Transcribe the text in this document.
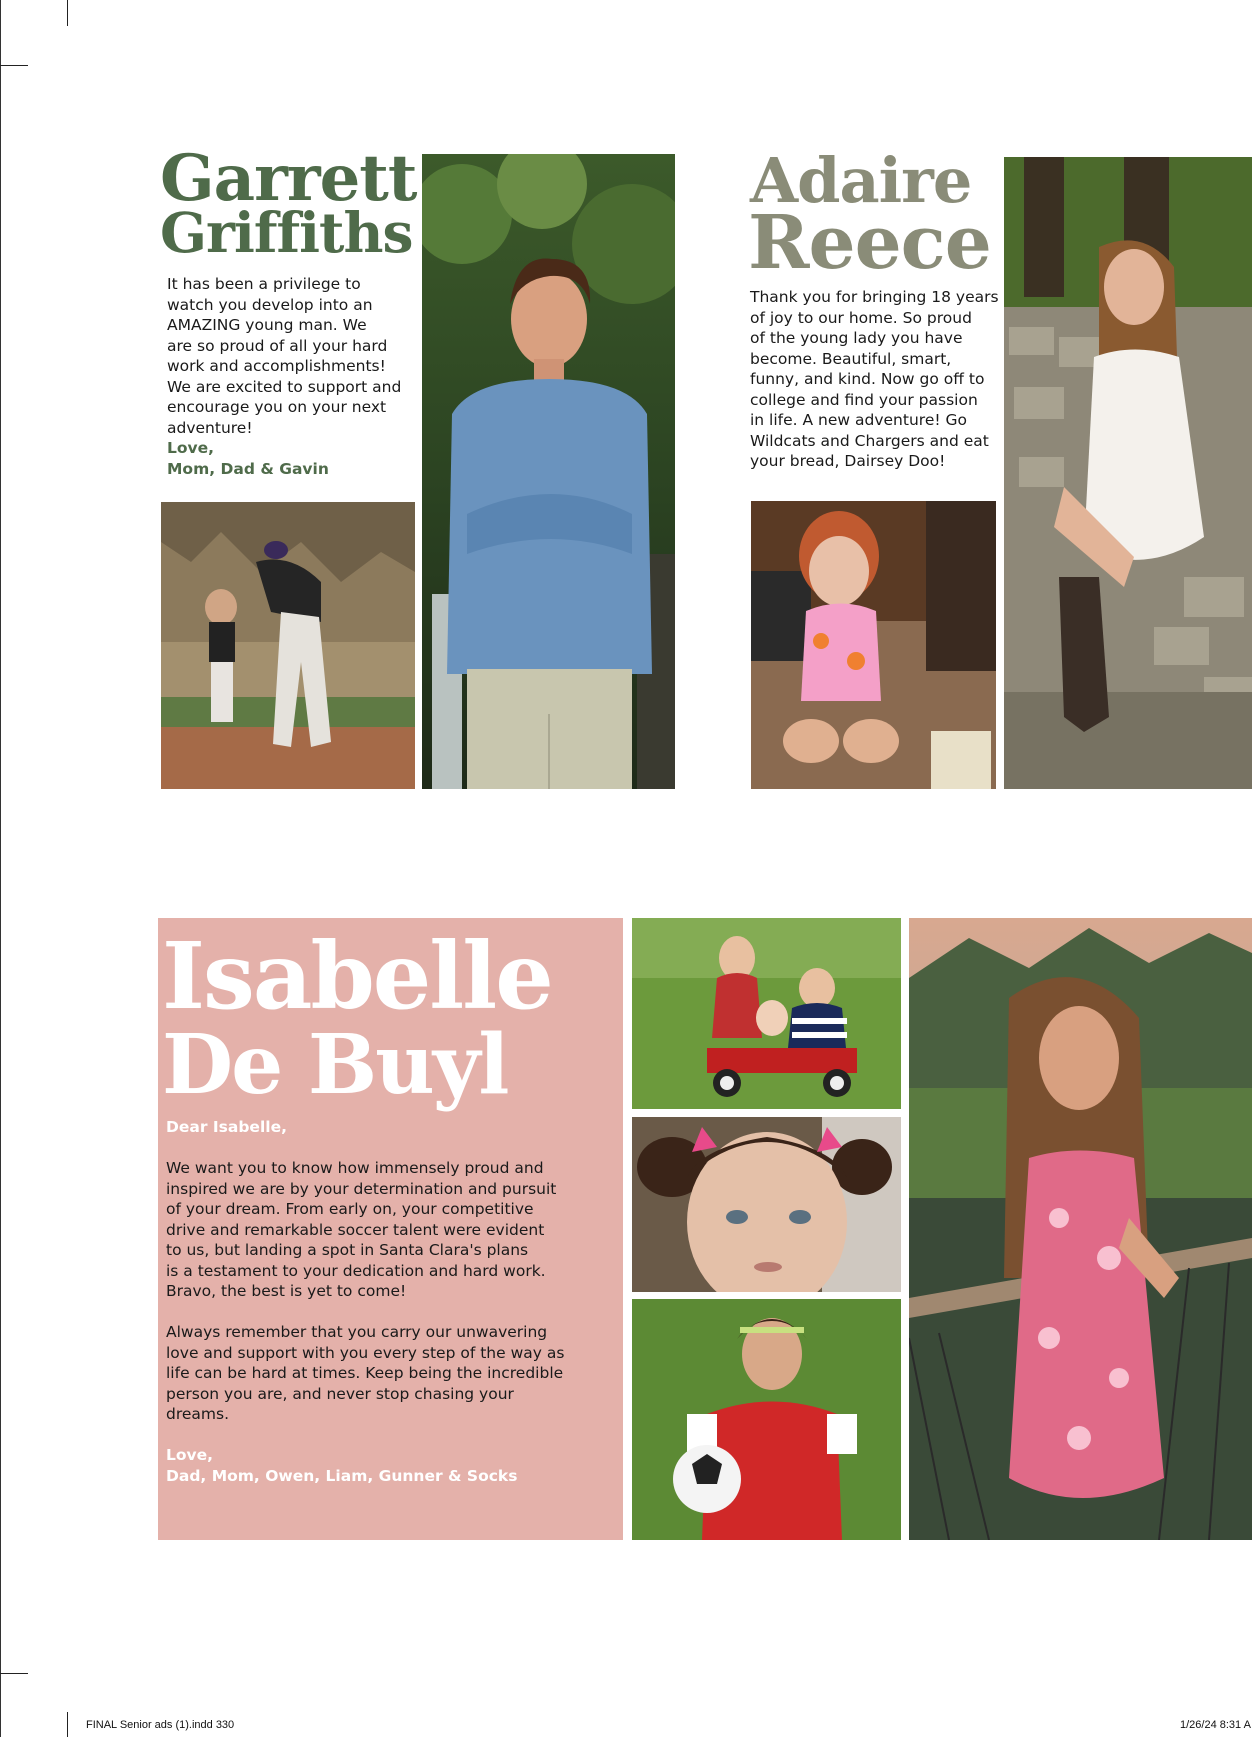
Garrett
Griffiths
It has been a privilege to
watch you develop into an
AMAZING young man. We
are so proud of all your hard
work and accomplishments!
We are excited to support and
encourage you on your next
adventure!
Love,
Mom, Dad & Gavin
Adaire
Reece
Thank you for bringing 18 years
of joy to our home. So proud
of the young lady you have
become. Beautiful, smart,
funny, and kind. Now go off to
college and find your passion
in life. A new adventure! Go
Wildcats and Chargers and eat
your bread, Dairsey Doo!
Isabelle
De Buyl
Dear Isabelle,
We want you to know how immensely proud and
inspired we are by your determination and pursuit
of your dream. From early on, your competitive
drive and remarkable soccer talent were evident
to us, but landing a spot in Santa Clara's plans
is a testament to your dedication and hard work.
Bravo, the best is yet to come!
Always remember that you carry our unwavering
love and support with you every step of the way as
life can be hard at times. Keep being the incredible
person you are, and never stop chasing your
dreams.
Love,
Dad, Mom, Owen, Liam, Gunner & Socks
FINAL Senior ads (1).indd 330	1/26/24 8:31 A
